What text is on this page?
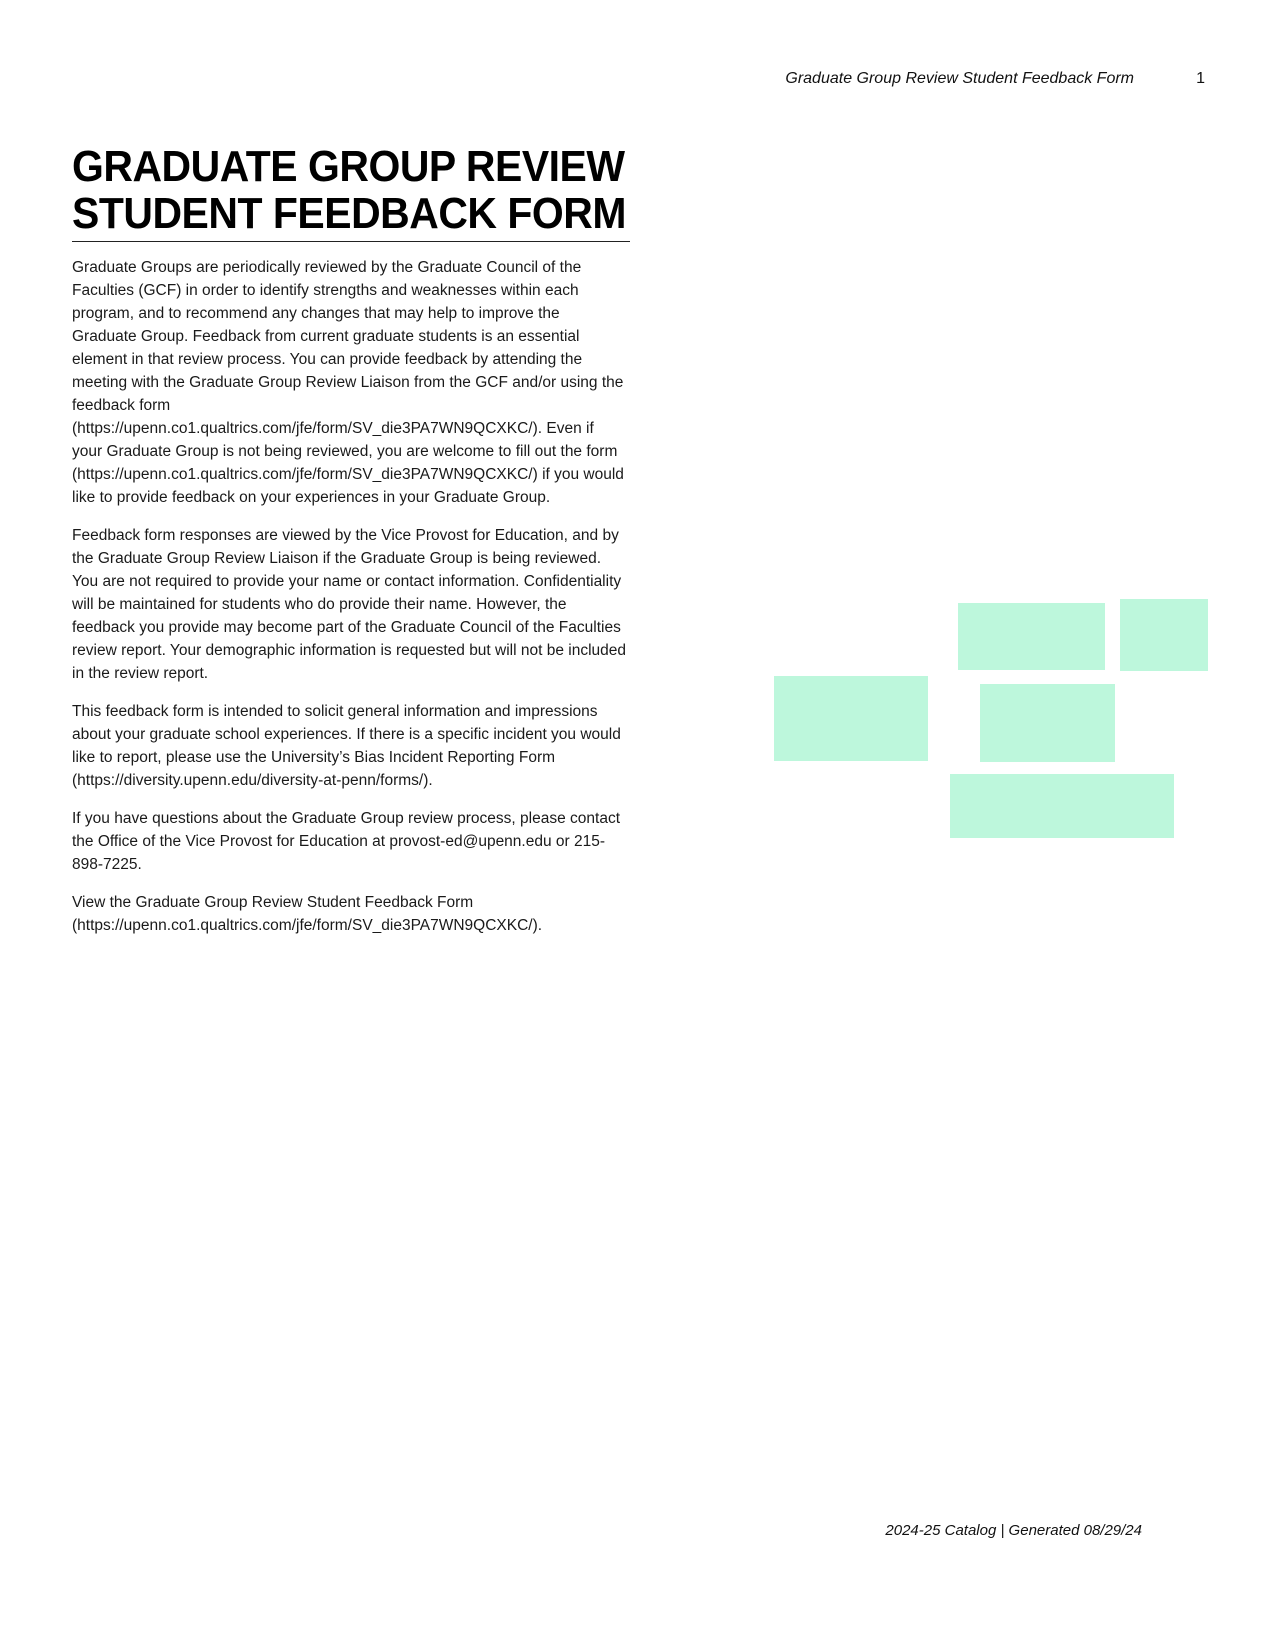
Graduate Group Review Student Feedback Form	1
GRADUATE GROUP REVIEW
STUDENT FEEDBACK FORM

Graduate Groups are periodically reviewed by the Graduate Council of the Faculties (GCF) in order to identify strengths and weaknesses within each program, and to recommend any changes that may help to improve the Graduate Group. Feedback from current graduate students is an essential element in that review process. You can provide feedback by attending the meeting with the Graduate Group Review Liaison from the GCF and/or using the feedback form (https://upenn.co1.qualtrics.com/jfe/form/SV_die3PA7WN9QCXKC/). Even if your Graduate Group is not being reviewed, you are welcome to fill out the form (https://upenn.co1.qualtrics.com/jfe/form/SV_die3PA7WN9QCXKC/) if you would like to provide feedback on your experiences in your Graduate Group.

Feedback form responses are viewed by the Vice Provost for Education, and by the Graduate Group Review Liaison if the Graduate Group is being reviewed. You are not required to provide your name or contact information. Confidentiality will be maintained for students who do provide their name. However, the feedback you provide may become part of the Graduate Council of the Faculties review report. Your demographic information is requested but will not be included in the review report.

This feedback form is intended to solicit general information and impressions about your graduate school experiences. If there is a specific incident you would like to report, please use the University’s Bias Incident Reporting Form (https://diversity.upenn.edu/diversity-at-penn/forms/).

If you have questions about the Graduate Group review process, please contact the Office of the Vice Provost for Education at provost-ed@upenn.edu or 215-898-7225.

View the Graduate Group Review Student Feedback Form (https://upenn.co1.qualtrics.com/jfe/form/SV_die3PA7WN9QCXKC/).

2024-25 Catalog | Generated 08/29/24
